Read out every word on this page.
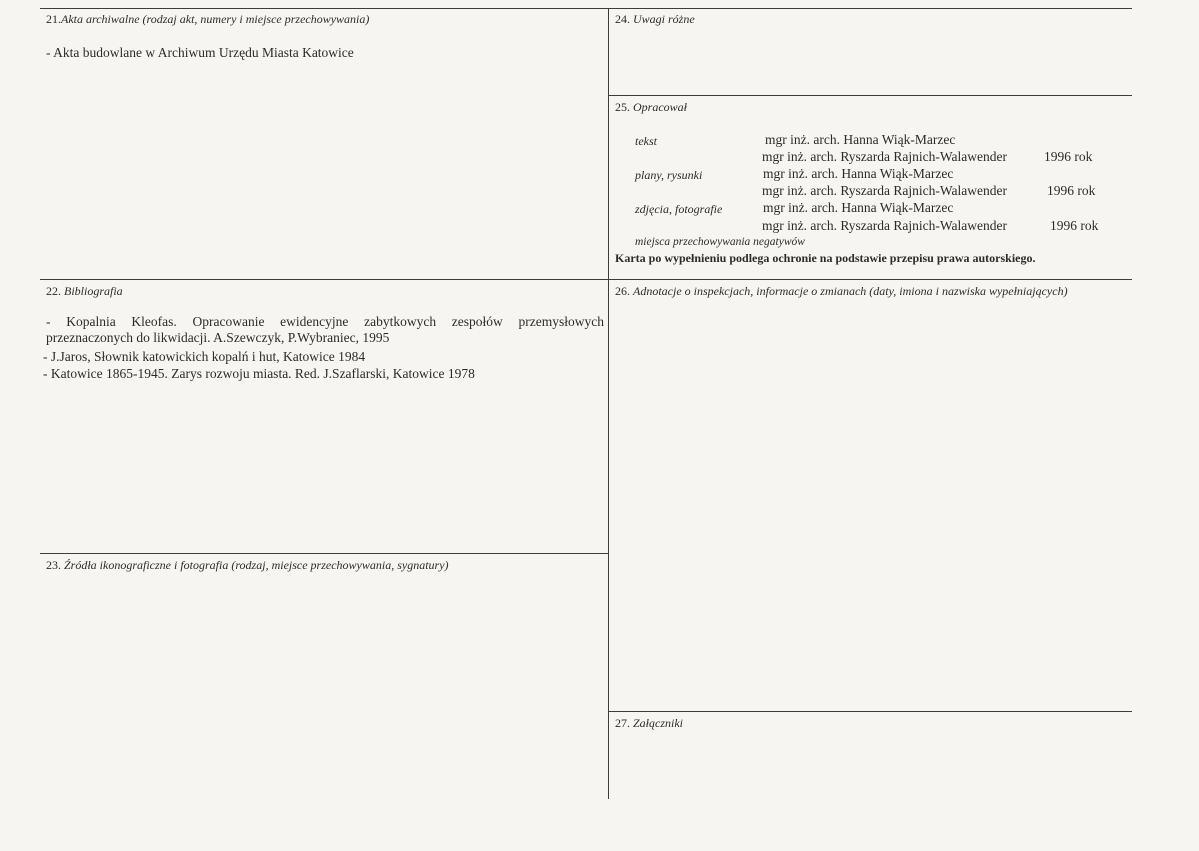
21.Akta archiwalne (rodzaj akt, numery i miejsce przechowywania)
- Akta budowlane w Archiwum Urzędu Miasta Katowice
24. Uwagi różne
25. Opracował
tekst	mgr inż. arch. Hanna Wiąk-Marzec
mgr inż. arch. Ryszarda Rajnich-Walawender	1996 rok
plany, rysunki	mgr inż. arch. Hanna Wiąk-Marzec
mgr inż. arch. Ryszarda Rajnich-Walawender	1996 rok
zdjęcia, fotografie	mgr inż. arch. Hanna Wiąk-Marzec
mgr inż. arch. Ryszarda Rajnich-Walawender	1996 rok
miejsca przechowywania negatywów
Karta po wypełnieniu podlega ochronie na podstawie przepisu prawa autorskiego.
22. Bibliografia
- Kopalnia Kleofas. Opracowanie ewidencyjne zabytkowych zespołów przemysłowych przeznaczonych do likwidacji. A.Szewczyk, P.Wybraniec, 1995
- J.Jaros, Słownik katowickich kopalń i hut, Katowice 1984
- Katowice 1865-1945. Zarys rozwoju miasta. Red. J.Szaflarski, Katowice 1978
26. Adnotacje o inspekcjach, informacje o zmianach (daty, imiona i nazwiska wypełniających)
23. Źródła ikonograficzne i fotografia (rodzaj, miejsce przechowywania, sygnatury)
27. Załączniki
